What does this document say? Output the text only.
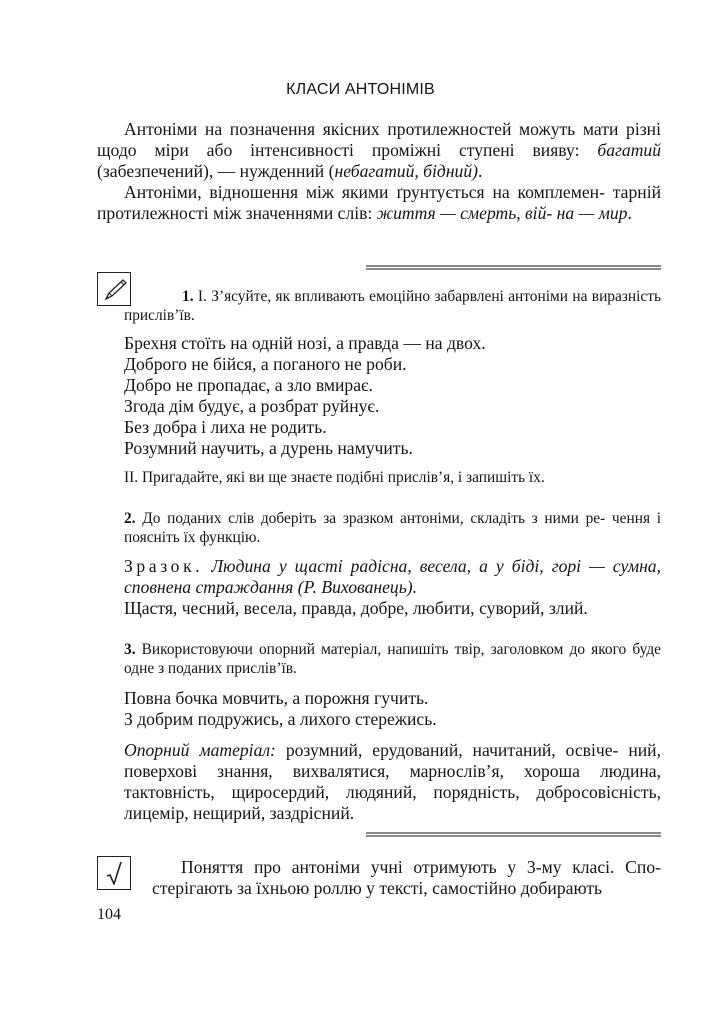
КЛАСИ АНТОНІМІВ
Антоніми на позначення якісних протилежностей можуть мати різні щодо міри або інтенсивності проміжні ступені вияву: багатий (забезпечений), — нужденний (небагатий, бідний).
Антоніми, відношення між якими ґрунтується на комплемен- тарній протилежності між значеннями слів: життя — смерть, вій- на — мир.
1. І. З’ясуйте, як впливають емоційно забарвлені антоніми на виразність прислів’їв.
Брехня стоїть на одній нозі, а правда — на двох.
Доброго не бійся, а поганого не роби.
Добро не пропадає, а зло вмирає.
Згода дім будує, а розбрат руйнує.
Без добра і лиха не родить.
Розумний научить, а дурень намучить.
ІІ. Пригадайте, які ви ще знаєте подібні прислів’я, і запишіть їх.
2. До поданих слів доберіть за зразком антоніми, складіть з ними ре- чення і поясніть їх функцію.
Зразок. Людина у щасті радісна, весела, а у біді, горі — сумна, сповнена страждання (Р. Вихованець).
Щастя, чесний, весела, правда, добре, любити, суворий, злий.
3. Використовуючи опорний матеріал, напишіть твір, заголовком до якого буде одне з поданих прислів’їв.
Повна бочка мовчить, а порожня гучить.
З добрим подружись, а лихого стережись.
Опорний матеріал: розумний, ерудований, начитаний, освіче- ний, поверхові знання, вихвалятися, марнослів’я, хороша людина, тактовність, щиросердий, людяний, порядність, добросовісність, лицемір, нещирий, заздрісний.
Поняття про антоніми учні отримують у 3-му класі. Спо- стерігають за їхньою роллю у тексті, самостійно добирають
104
